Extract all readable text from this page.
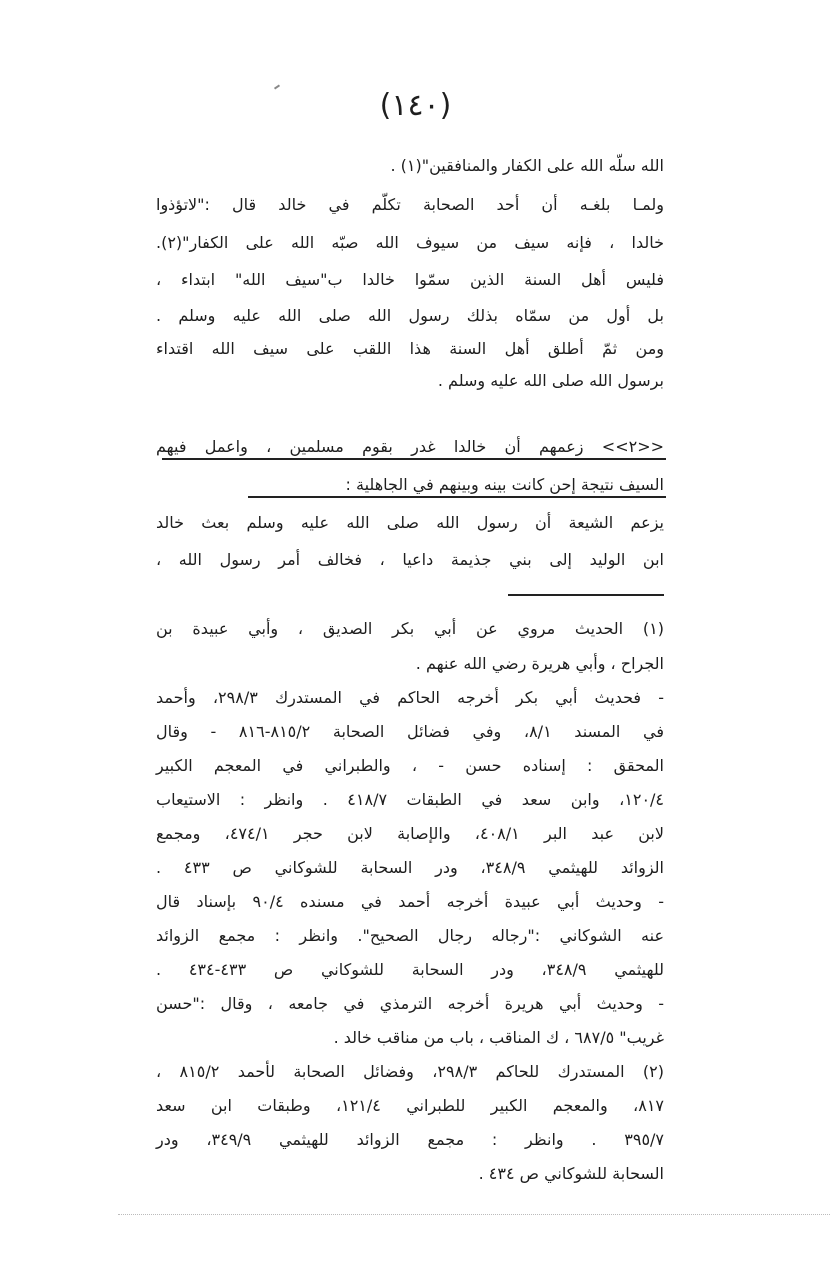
(١٤٠)
الله سلّه الله على الكفار والمنافقين"(١) .
ولمـا بلغـه أن أحد الصحابة تكلّم في خالد قال :"لاتؤذوا
خالدا ، فإنه سيف من سيوف الله صبّه الله على الكفار"(٢).
فليس أهل السنة الذين سمّوا خالدا ب"سيف الله" ابتداء ،
بل أول من سمّاه بذلك رسول الله صلى الله عليه وسلم .
ومن ثمّ أطلق أهل السنة هذا اللقب على سيف الله اقتداء
برسول الله صلى الله عليه وسلم .
<<٢>> زعمهم أن خالدا غدر بقوم مسلمين ، واعمل فيهم
السيف نتيجة إحن كانت بينه وبينهم في الجاهلية :
يزعم الشيعة أن رسول الله صلى الله عليه وسلم بعث خالد
ابن الوليد إلى بني جذيمة داعيا ، فخالف أمر رسول الله ،
(١) الحديث مروي عن أبي بكر الصديق ، وأبي عبيدة بن
الجراح ، وأبي هريرة رضي الله عنهم .
- فحديث أبي بكر أخرجه الحاكم في المستدرك ٢٩٨/٣، وأحمد
في المسند ٨/١، وفي فضائل الصحابة ٨١٥/٢-٨١٦ - وقال
المحقق : إسناده حسن - ، والطبراني في المعجم الكبير
١٢٠/٤، وابن سعد في الطبقات ٤١٨/٧ . وانظر : الاستيعاب
لابن عبد البر ٤٠٨/١، والإصابة لابن حجر ٤٧٤/١، ومجمع
الزوائد للهيثمي ٣٤٨/٩، ودر السحابة للشوكاني ص ٤٣٣ .
- وحديث أبي عبيدة أخرجه أحمد في مسنده ٩٠/٤ بإسناد قال
عنه الشوكاني :"رجاله رجال الصحيح". وانظر : مجمع الزوائد
للهيثمي ٣٤٨/٩، ودر السحابة للشوكاني ص ٤٣٣-٤٣٤ .
- وحديث أبي هريرة أخرجه الترمذي في جامعه ، وقال :"حسن
غريب" ٦٨٧/٥ ، ك المناقب ، باب من مناقب خالد .
(٢) المستدرك للحاكم ٢٩٨/٣، وفضائل الصحابة لأحمد ٨١٥/٢ ،
٨١٧، والمعجم الكبير للطبراني ١٢١/٤، وطبقات ابن سعد
٣٩٥/٧ . وانظر : مجمع الزوائد للهيثمي ٣٤٩/٩، ودر
السحابة للشوكاني ص ٤٣٤ .
